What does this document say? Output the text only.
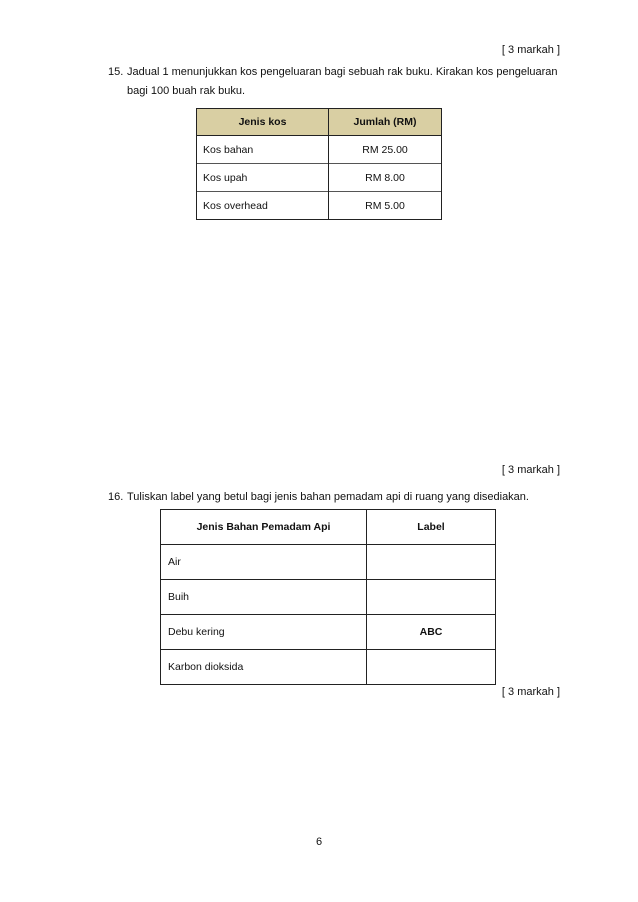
[ 3 markah ]
15. Jadual 1 menunjukkan kos pengeluaran bagi sebuah rak buku. Kirakan kos pengeluaran
bagi 100 buah rak buku.
Jenis kos	Jumlah (RM)
Kos bahan	RM 25.00
Kos upah	RM 8.00
Kos overhead	RM 5.00
[ 3 markah ]
16. Tuliskan label yang betul bagi jenis bahan pemadam api di ruang yang disediakan.
Jenis Bahan Pemadam Api	Label
Air	
Buih	
Debu kering	ABC
Karbon dioksida	
[ 3 markah ]
6
